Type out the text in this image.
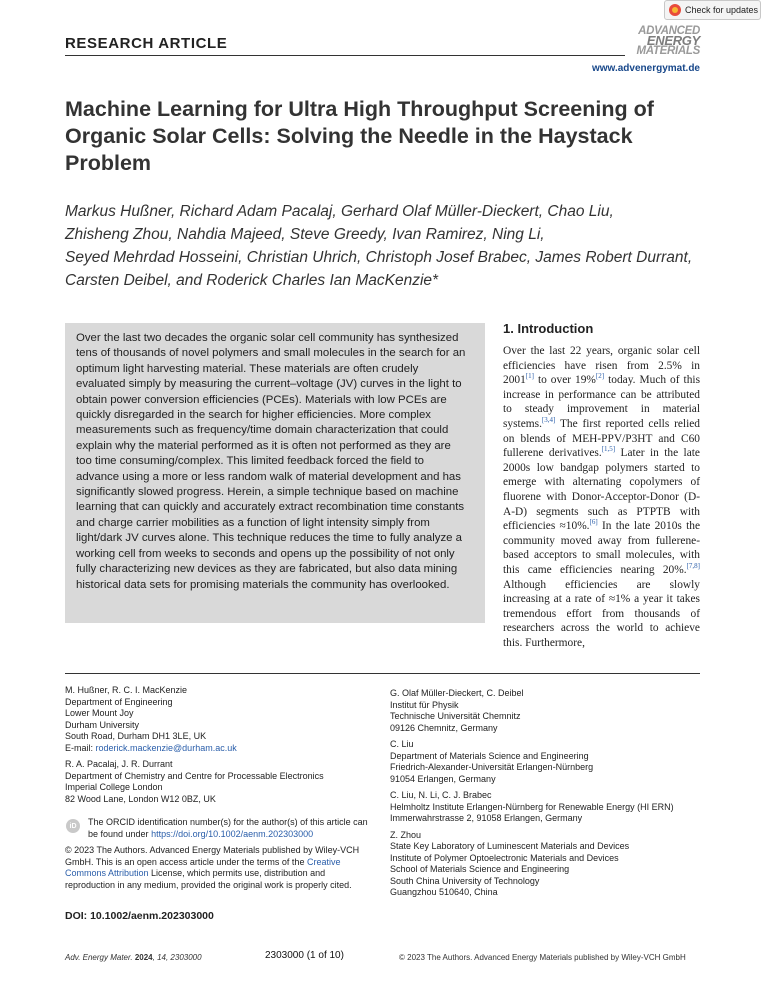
Check for updates
RESEARCH ARTICLE
ADVANCED
ENERGY
MATERIALS
www.advenergymat.de
Machine Learning for Ultra High Throughput Screening of Organic Solar Cells: Solving the Needle in the Haystack Problem
Markus Hußner, Richard Adam Pacalaj, Gerhard Olaf Müller-Dieckert, Chao Liu,
Zhisheng Zhou, Nahdia Majeed, Steve Greedy, Ivan Ramirez, Ning Li,
Seyed Mehrdad Hosseini, Christian Uhrich, Christoph Josef Brabec, James Robert Durrant,
Carsten Deibel, and Roderick Charles Ian MacKenzie*
Over the last two decades the organic solar cell community has synthesized
tens of thousands of novel polymers and small molecules in the search for an
optimum light harvesting material. These materials are often crudely
evaluated simply by measuring the current–voltage (JV) curves in the light to
obtain power conversion efficiencies (PCEs). Materials with low PCEs are
quickly disregarded in the search for higher efficiencies. More complex
measurements such as frequency/time domain characterization that could
explain why the material performed as it is often not performed as they are
too time consuming/complex. This limited feedback forced the field to
advance using a more or less random walk of material development and has
significantly slowed progress. Herein, a simple technique based on machine
learning that can quickly and accurately extract recombination time constants
and charge carrier mobilities as a function of light intensity simply from
light/dark JV curves alone. This technique reduces the time to fully analyze a
working cell from weeks to seconds and opens up the possibility of not only
fully characterizing new devices as they are fabricated, but also data mining
historical data sets for promising materials the community has overlooked.
1. Introduction
Over the last 22 years, organic solar cell efficiencies have risen from 2.5% in 2001[1] to over 19%[2] today. Much of this increase in performance can be attributed to steady improvement in material systems.[3,4] The first reported cells relied on blends of MEH-PPV/P3HT and C60 fullerene derivatives.[1,5] Later in the late 2000s low bandgap polymers started to emerge with alternating copolymers of fluorene with Donor-Acceptor-Donor (D-A-D) segments such as PTPTB with efficiencies ≈10%.[6] In the late 2010s the community moved away from fullerene-based acceptors to small molecules, with this came efficiencies nearing 20%.[7,8] Although efficiencies are slowly increasing at a rate of ≈1% a year it takes tremendous effort from thousands of researchers across the world to achieve this. Furthermore,
M. Hußner, R. C. I. MacKenzie
Department of Engineering
Lower Mount Joy
Durham University
South Road, Durham DH1 3LE, UK
E-mail: roderick.mackenzie@durham.ac.uk
R. A. Pacalaj, J. R. Durrant
Department of Chemistry and Centre for Processable Electronics
Imperial College London
82 Wood Lane, London W12 0BZ, UK
G. Olaf Müller-Dieckert, C. Deibel
Institut für Physik
Technische Universität Chemnitz
09126 Chemnitz, Germany
C. Liu
Department of Materials Science and Engineering
Friedrich-Alexander-Universität Erlangen-Nürnberg
91054 Erlangen, Germany
C. Liu, N. Li, C. J. Brabec
Helmholtz Institute Erlangen-Nürnberg for Renewable Energy (HI ERN)
Immerwahrstrasse 2, 91058 Erlangen, Germany
Z. Zhou
State Key Laboratory of Luminescent Materials and Devices
Institute of Polymer Optoelectronic Materials and Devices
School of Materials Science and Engineering
South China University of Technology
Guangzhou 510640, China
iD	The ORCID identification number(s) for the author(s) of this article can be found under https://doi.org/10.1002/aenm.202303000
© 2023 The Authors. Advanced Energy Materials published by Wiley-VCH GmbH. This is an open access article under the terms of the Creative Commons Attribution License, which permits use, distribution and reproduction in any medium, provided the original work is properly cited.
DOI: 10.1002/aenm.202303000
Adv. Energy Mater. 2024, 14, 2303000	2303000 (1 of 10)	© 2023 The Authors. Advanced Energy Materials published by Wiley-VCH GmbH
